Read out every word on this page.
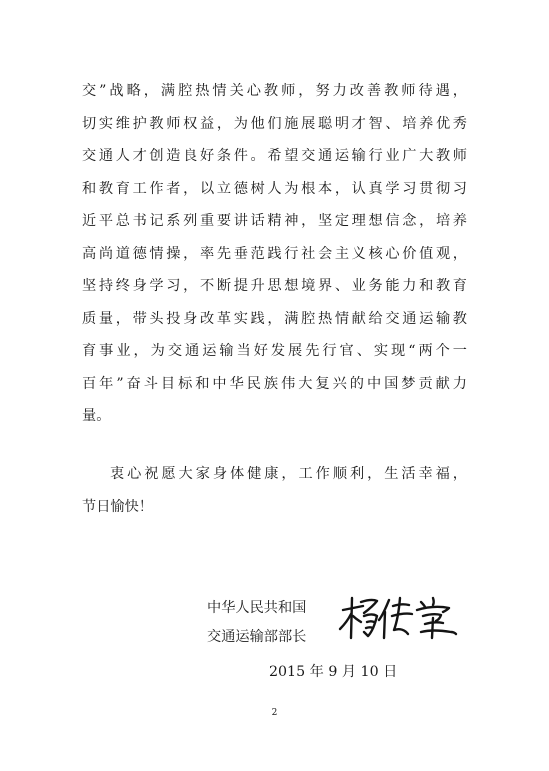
交”战略，满腔热情关心教师，努力改善教师待遇，
切实维护教师权益，为他们施展聪明才智、培养优秀
交通人才创造良好条件。希望交通运输行业广大教师
和教育工作者，以立德树人为根本，认真学习贯彻习
近平总书记系列重要讲话精神，坚定理想信念，培养
高尚道德情操，率先垂范践行社会主义核心价值观，
坚持终身学习，不断提升思想境界、业务能力和教育
质量，带头投身改革实践，满腔热情献给交通运输教
育事业，为交通运输当好发展先行官、实现“两个一
百年”奋斗目标和中华民族伟大复兴的中国梦贡献力
量。
衷心祝愿大家身体健康，工作顺利，生活幸福，
节日愉快！
中华人民共和国
交通运输部部长
2015 年 9 月 10 日
2
